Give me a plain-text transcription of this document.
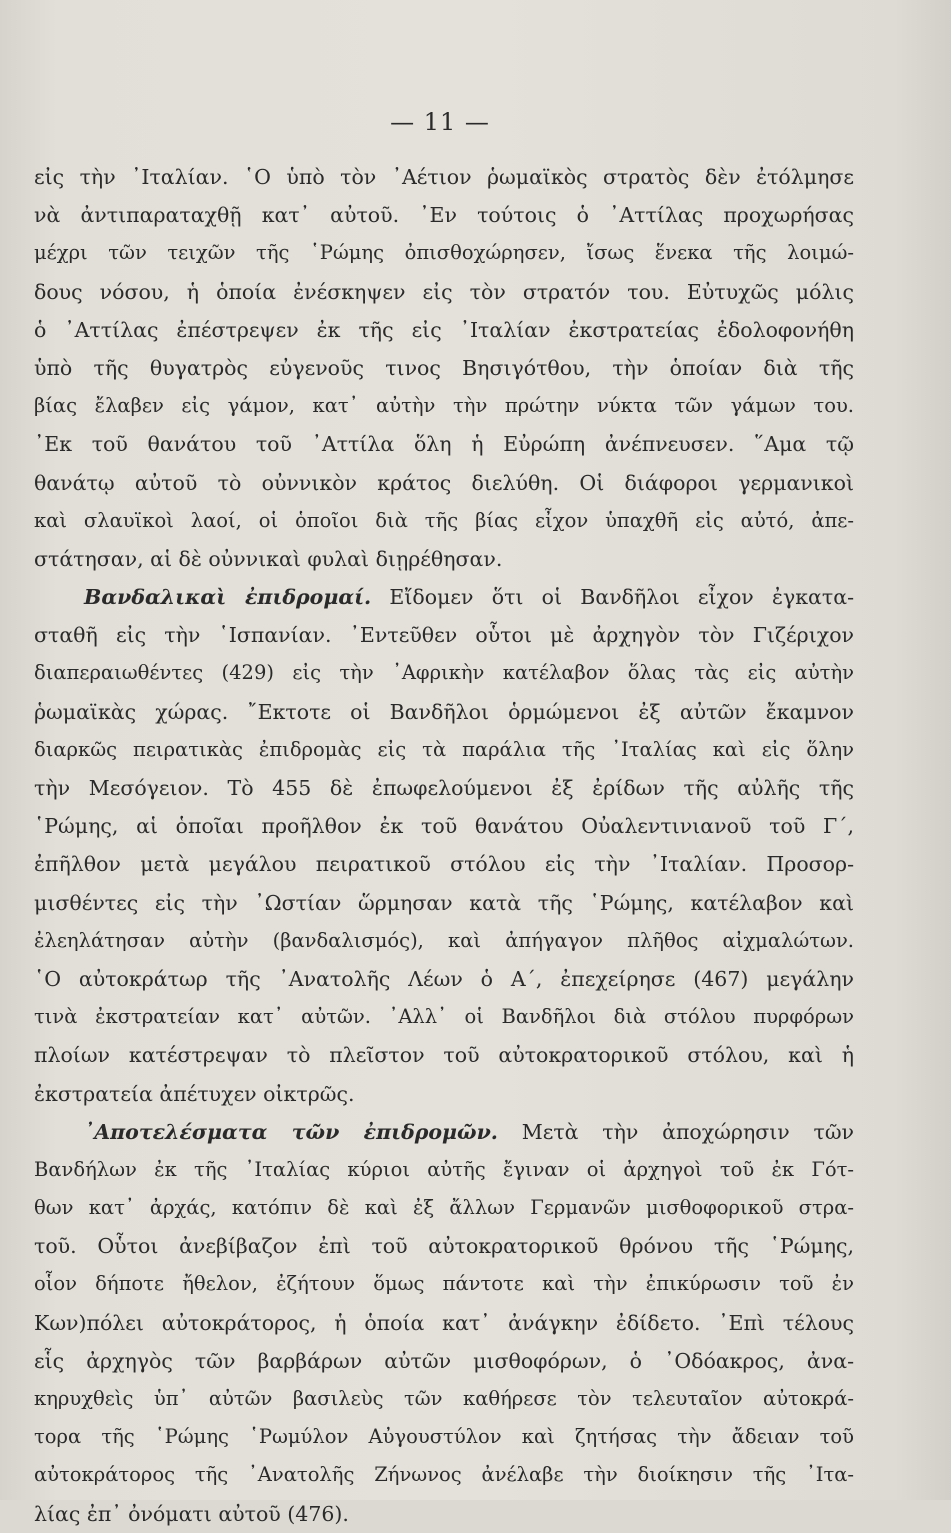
— 11 —
εἰς τὴν ᾿Ιταλίαν. ῾Ο ὑπὸ τὸν ᾿Αέτιον ῥωμαϊκὸς στρατὸς δὲν ἐτόλμησε
νὰ ἀντιπαραταχθῇ κατ᾿ αὐτοῦ. ᾿Εν τούτοις ὁ ᾿Αττίλας προχωρήσας
μέχρι τῶν τειχῶν τῆς ῾Ρώμης ὀπισθοχώρησεν, ἴσως ἕνεκα τῆς λοιμώ-
δους νόσου, ἡ ὁποία ἐνέσκηψεν εἰς τὸν στρατόν του. Εὐτυχῶς μόλις
ὁ ᾿Αττίλας ἐπέστρεψεν ἐκ τῆς εἰς ᾿Ιταλίαν ἐκστρατείας ἐδολοφονήθη
ὑπὸ τῆς θυγατρὸς εὐγενοῦς τινος Βησιγότθου, τὴν ὁποίαν διὰ τῆς
βίας ἔλαβεν εἰς γάμον, κατ᾿ αὐτὴν τὴν πρώτην νύκτα τῶν γάμων του.
᾿Εκ τοῦ θανάτου τοῦ ᾿Αττίλα ὅλη ἡ Εὐρώπη ἀνέπνευσεν. ῞Αμα τῷ
θανάτῳ αὐτοῦ τὸ οὐννικὸν κράτος διελύθη. Οἱ διάφοροι γερμανικοὶ
καὶ σλαυϊκοὶ λαοί, οἱ ὁποῖοι διὰ τῆς βίας εἶχον ὑπαχθῆ εἰς αὐτό, ἀπε-
στάτησαν, αἱ δὲ οὐννικαὶ φυλαὶ διῃρέθησαν.
Βανδαλικαὶ ἐπιδρομαί. Εἴδομεν ὅτι οἱ Βανδῆλοι εἶχον ἐγκατα-
σταθῆ εἰς τὴν ῾Ισπανίαν. ᾿Εντεῦθεν οὗτοι μὲ ἀρχηγὸν τὸν Γιζέριχον
διαπεραιωθέντες (429) εἰς τὴν ᾿Αφρικὴν κατέλαβον ὅλας τὰς εἰς αὐτὴν
ῥωμαϊκὰς χώρας. ῎Εκτοτε οἱ Βανδῆλοι ὁρμώμενοι ἐξ αὐτῶν ἔκαμνον
διαρκῶς πειρατικὰς ἐπιδρομὰς εἰς τὰ παράλια τῆς ᾿Ιταλίας καὶ εἰς ὅλην
τὴν Μεσόγειον. Τὸ 455 δὲ ἐπωφελούμενοι ἐξ ἐρίδων τῆς αὐλῆς τῆς
῾Ρώμης, αἱ ὁποῖαι προῆλθον ἐκ τοῦ θανάτου Οὐαλεντινιανοῦ τοῦ Γ΄,
ἐπῆλθον μετὰ μεγάλου πειρατικοῦ στόλου εἰς τὴν ᾿Ιταλίαν. Προσορ-
μισθέντες εἰς τὴν ᾿Ωστίαν ὥρμησαν κατὰ τῆς ῾Ρώμης, κατέλαβον καὶ
ἐλεηλάτησαν αὐτὴν (βανδαλισμός), καὶ ἀπήγαγον πλῆθος αἰχμαλώτων.
῾Ο αὐτοκράτωρ τῆς ᾿Ανατολῆς Λέων ὁ Α΄, ἐπεχείρησε (467) μεγάλην
τινὰ ἐκστρατείαν κατ᾿ αὐτῶν. ᾿Αλλ᾿ οἱ Βανδῆλοι διὰ στόλου πυρφόρων
πλοίων κατέστρεψαν τὸ πλεῖστον τοῦ αὐτοκρατορικοῦ στόλου, καὶ ἡ
ἐκστρατεία ἀπέτυχεν οἰκτρῶς.
᾿Αποτελέσματα τῶν ἐπιδρομῶν. Μετὰ τὴν ἀποχώρησιν τῶν
Βανδήλων ἐκ τῆς ᾿Ιταλίας κύριοι αὐτῆς ἔγιναν οἱ ἀρχηγοὶ τοῦ ἐκ Γότ-
θων κατ᾿ ἀρχάς, κατόπιν δὲ καὶ ἐξ ἄλλων Γερμανῶν μισθοφορικοῦ στρα-
τοῦ. Οὗτοι ἀνεβίβαζον ἐπὶ τοῦ αὐτοκρατορικοῦ θρόνου τῆς ῾Ρώμης,
οἷον δήποτε ἤθελον, ἐζήτουν ὅμως πάντοτε καὶ τὴν ἐπικύρωσιν τοῦ ἐν
Κων)πόλει αὐτοκράτορος, ἡ ὁποία κατ᾿ ἀνάγκην ἐδίδετο. ᾿Επὶ τέλους
εἷς ἀρχηγὸς τῶν βαρβάρων αὐτῶν μισθοφόρων, ὁ ᾿Οδόακρος, ἀνα-
κηρυχθεὶς ὑπ᾿ αὐτῶν βασιλεὺς τῶν καθήρεσε τὸν τελευταῖον αὐτοκρά-
τορα τῆς ῾Ρώμης ῾Ρωμύλον Αὐγουστύλον καὶ ζητήσας τὴν ἄδειαν τοῦ
αὐτοκράτορος τῆς ᾿Ανατολῆς Ζήνωνος ἀνέλαβε τὴν διοίκησιν τῆς ᾿Ιτα-
λίας ἐπ᾿ ὀνόματι αὐτοῦ (476).
